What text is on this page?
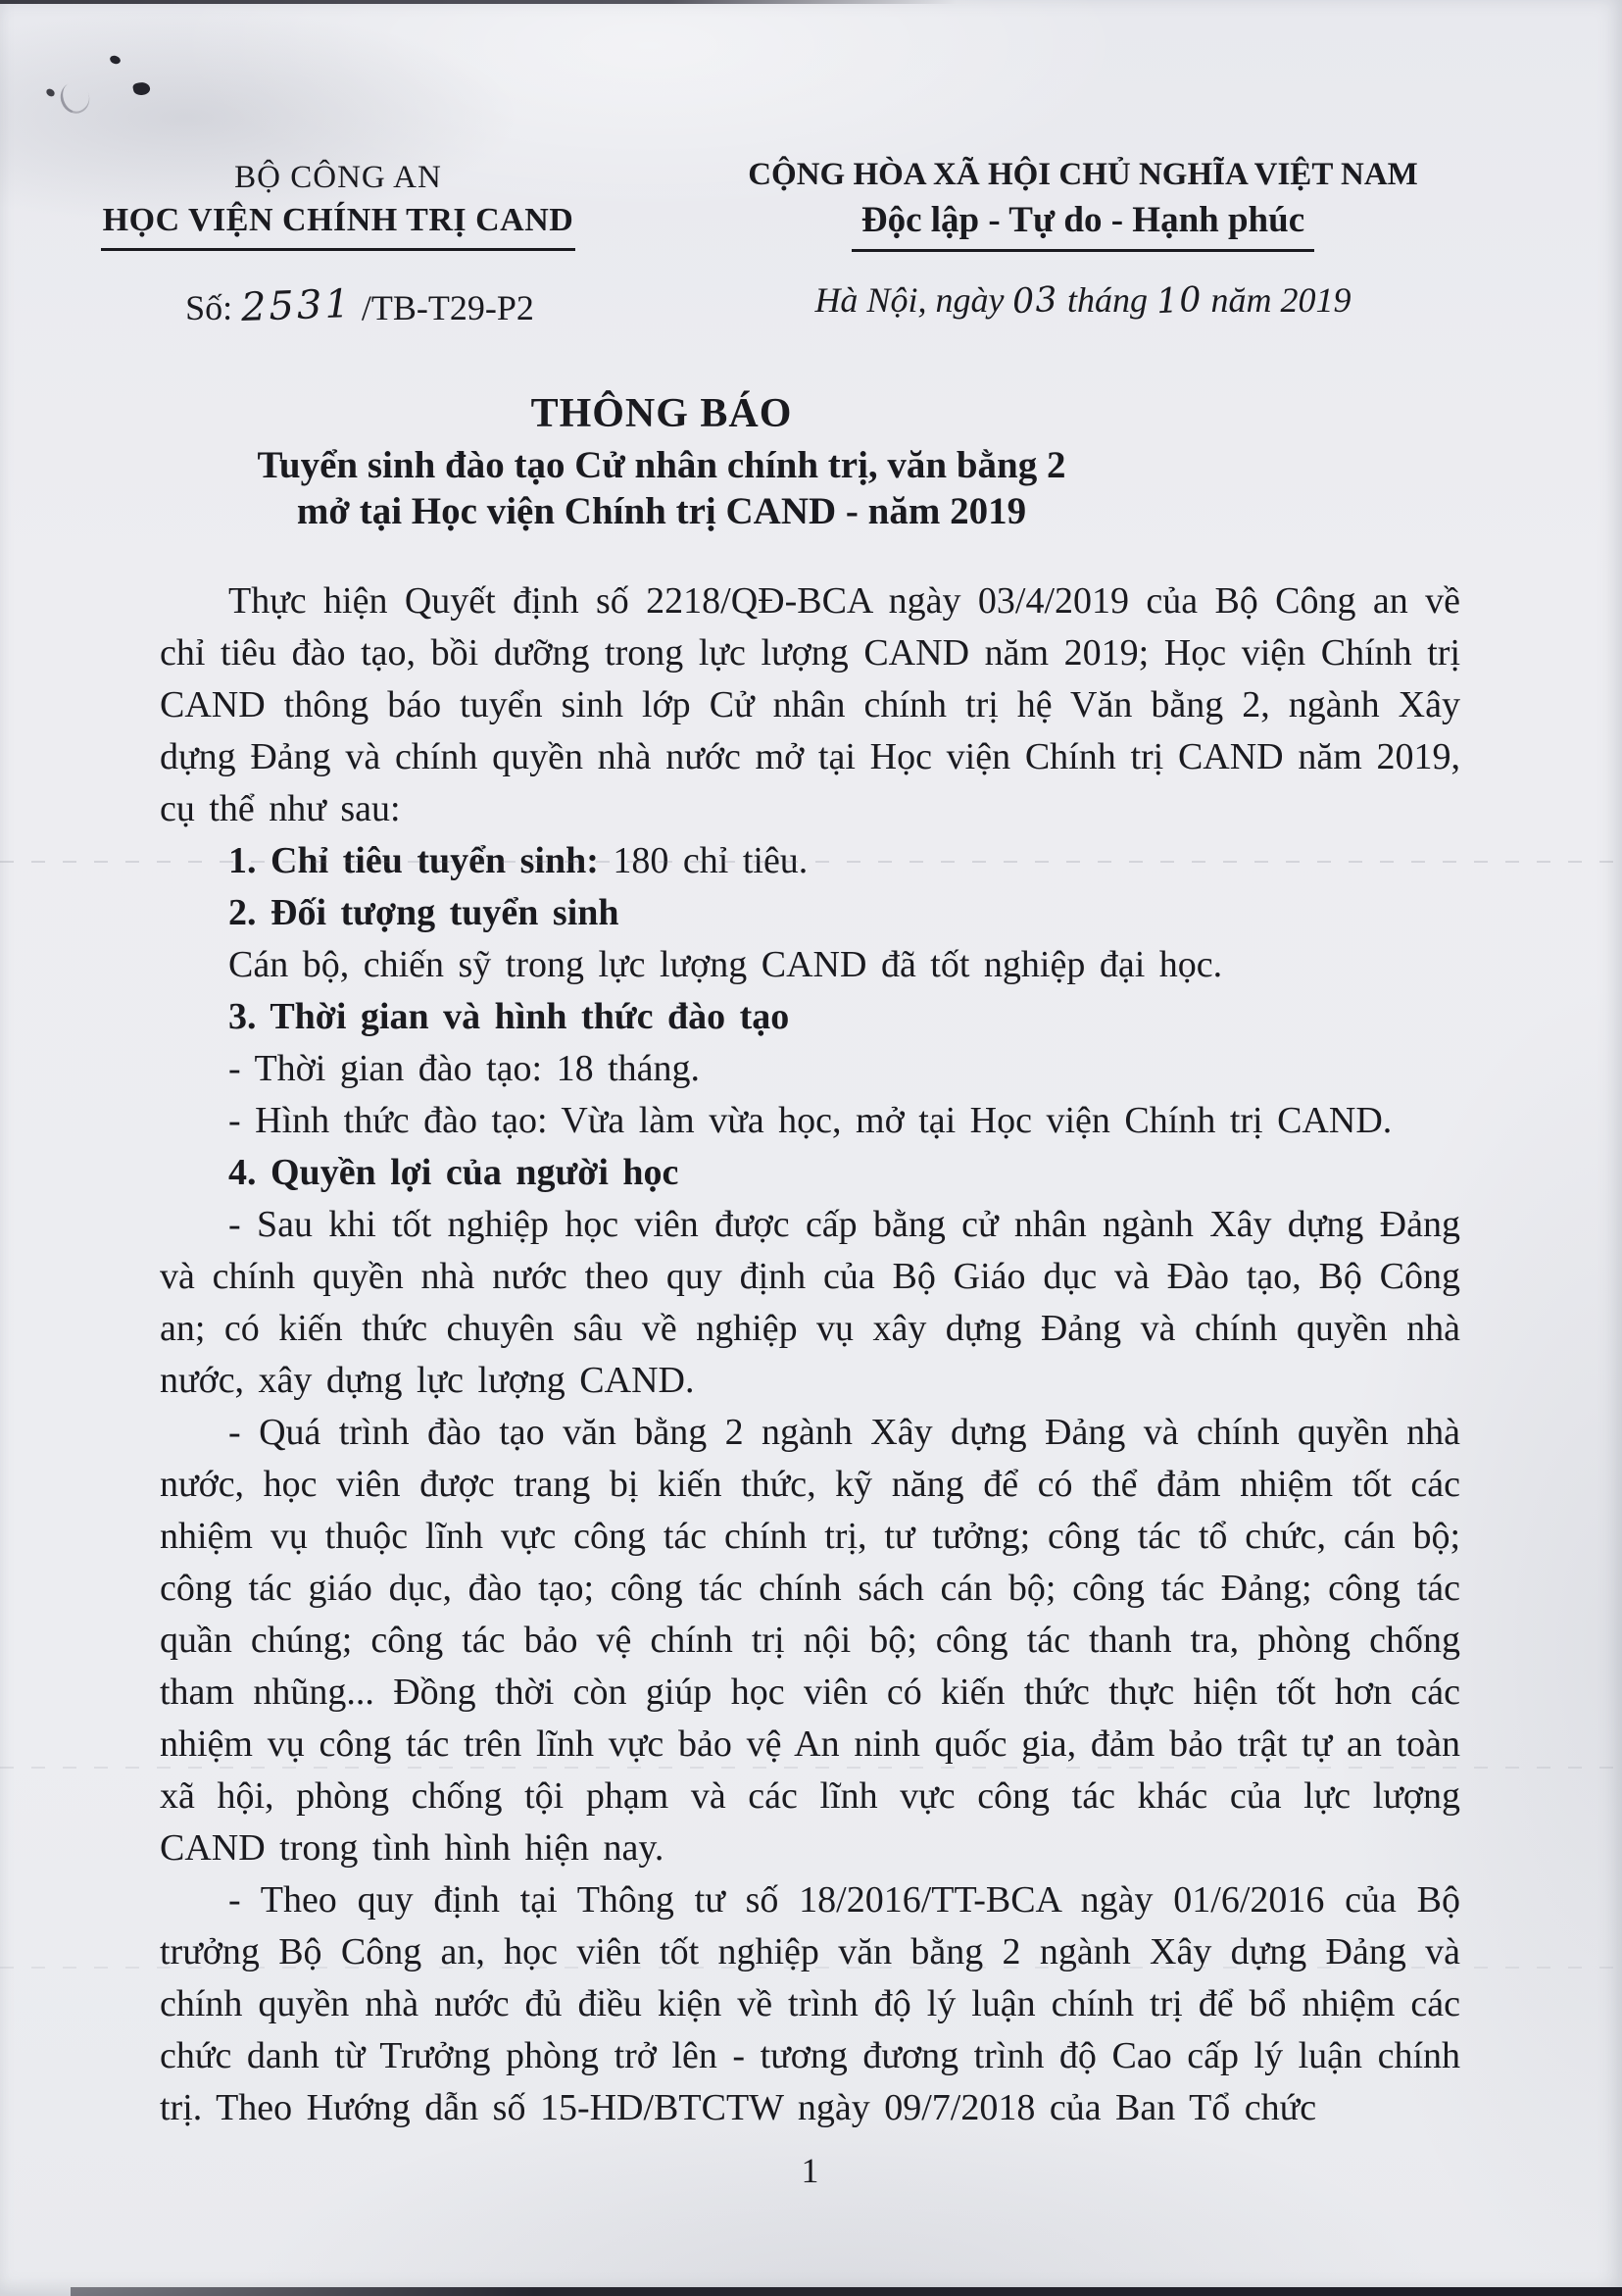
BỘ CÔNG AN
HỌC VIỆN CHÍNH TRỊ CAND
Số: 2531 /TB-T29-P2
CỘNG HÒA XÃ HỘI CHỦ NGHĨA VIỆT NAM
Độc lập - Tự do - Hạnh phúc
Hà Nội, ngày 03 tháng 10 năm 2019
THÔNG BÁO
Tuyển sinh đào tạo Cử nhân chính trị, văn bằng 2
mở tại Học viện Chính trị CAND - năm 2019

Thực hiện Quyết định số 2218/QĐ-BCA ngày 03/4/2019 của Bộ Công an về chỉ tiêu đào tạo, bồi dưỡng trong lực lượng CAND năm 2019; Học viện Chính trị CAND thông báo tuyển sinh lớp Cử nhân chính trị hệ Văn bằng 2, ngành Xây dựng Đảng và chính quyền nhà nước mở tại Học viện Chính trị CAND năm 2019, cụ thể như sau:

1. Chỉ tiêu tuyển sinh: 180 chỉ tiêu.

2. Đối tượng tuyển sinh

Cán bộ, chiến sỹ trong lực lượng CAND đã tốt nghiệp đại học.

3. Thời gian và hình thức đào tạo

- Thời gian đào tạo: 18 tháng.

- Hình thức đào tạo: Vừa làm vừa học, mở tại Học viện Chính trị CAND.

4. Quyền lợi của người học

- Sau khi tốt nghiệp học viên được cấp bằng cử nhân ngành Xây dựng Đảng và chính quyền nhà nước theo quy định của Bộ Giáo dục và Đào tạo, Bộ Công an; có kiến thức chuyên sâu về nghiệp vụ xây dựng Đảng và chính quyền nhà nước, xây dựng lực lượng CAND.

- Quá trình đào tạo văn bằng 2 ngành Xây dựng Đảng và chính quyền nhà nước, học viên được trang bị kiến thức, kỹ năng để có thể đảm nhiệm tốt các nhiệm vụ thuộc lĩnh vực công tác chính trị, tư tưởng; công tác tổ chức, cán bộ; công tác giáo dục, đào tạo; công tác chính sách cán bộ; công tác Đảng; công tác quần chúng; công tác bảo vệ chính trị nội bộ; công tác thanh tra, phòng chống tham nhũng... Đồng thời còn giúp học viên có kiến thức thực hiện tốt hơn các nhiệm vụ công tác trên lĩnh vực bảo vệ An ninh quốc gia, đảm bảo trật tự an toàn xã hội, phòng chống tội phạm và các lĩnh vực công tác khác của lực lượng CAND trong tình hình hiện nay.

- Theo quy định tại Thông tư số 18/2016/TT-BCA ngày 01/6/2016 của Bộ trưởng Bộ Công an, học viên tốt nghiệp văn bằng 2 ngành Xây dựng Đảng và chính quyền nhà nước đủ điều kiện về trình độ lý luận chính trị để bổ nhiệm các chức danh từ Trưởng phòng trở lên - tương đương trình độ Cao cấp lý luận chính trị. Theo Hướng dẫn số 15-HD/BTCTW ngày 09/7/2018 của Ban Tổ chức

1
